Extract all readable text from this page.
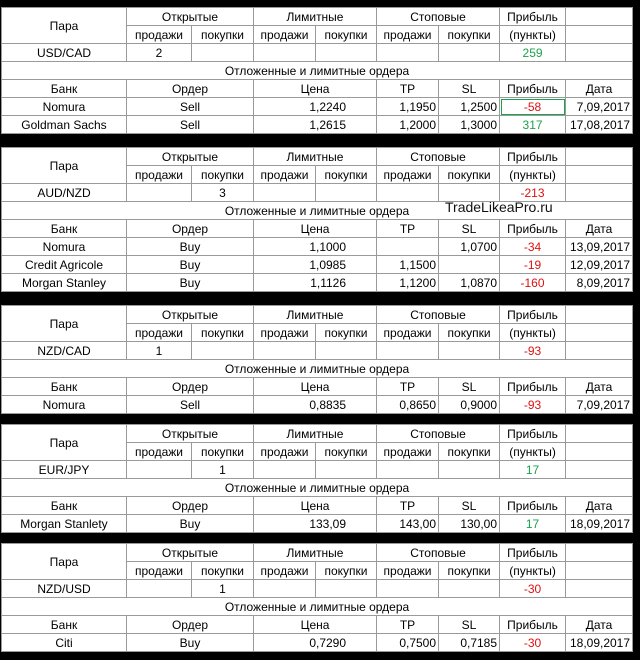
Пара	Открытые		Лимитные		Стоповые		Прибыль	
	продажи	покупки	продажи	покупки	продажи	покупки	(пункты)	
USD/CAD	2						259	
Отложенные и лимитные ордера								
Банк	Ордер		Цена		TP	SL	Прибыль	Дата
Nomura	Sell		1,2240		1,1950	1,2500	-58	7,09,2017
Goldman Sachs	Sell		1,2615		1,2000	1,3000	317	17,08,2017
Пара	Открытые		Лимитные		Стоповые		Прибыль	
	продажи	покупки	продажи	покупки	продажи	покупки	(пункты)	
AUD/NZD		3					-213	
Отложенные и лимитные ордера								
Банк	Ордер		Цена		TP	SL	Прибыль	Дата
Nomura	Buy		1,1000			1,0700	-34	13,09,2017
Credit Agricole	Buy		1,0985		1,1500		-19	12,09,2017
Morgan Stanley	Buy		1,1126		1,1200	1,0870	-160	8,09,2017
Пара	Открытые		Лимитные		Стоповые		Прибыль	
	продажи	покупки	продажи	покупки	продажи	покупки	(пункты)	
NZD/CAD	1						-93	
Отложенные и лимитные ордера								
Банк	Ордер		Цена		TP	SL	Прибыль	Дата
Nomura	Sell		0,8835		0,8650	0,9000	-93	7,09,2017
Пара	Открытые		Лимитные		Стоповые		Прибыль	
	продажи	покупки	продажи	покупки	продажи	покупки	(пункты)	
EUR/JPY		1					17	
Отложенные и лимитные ордера								
Банк	Ордер		Цена		TP	SL	Прибыль	Дата
Morgan Stanlety	Buy		133,09		143,00	130,00	17	18,09,2017
Пара	Открытые		Лимитные		Стоповые		Прибыль	
	продажи	покупки	продажи	покупки	продажи	покупки	(пункты)	
NZD/USD		1					-30	
Отложенные и лимитные ордера								
Банк	Ордер		Цена		TP	SL	Прибыль	Дата
Citi	Buy		0,7290		0,7500	0,7185	-30	18,09,2017
TradeLikeaPro.ru
